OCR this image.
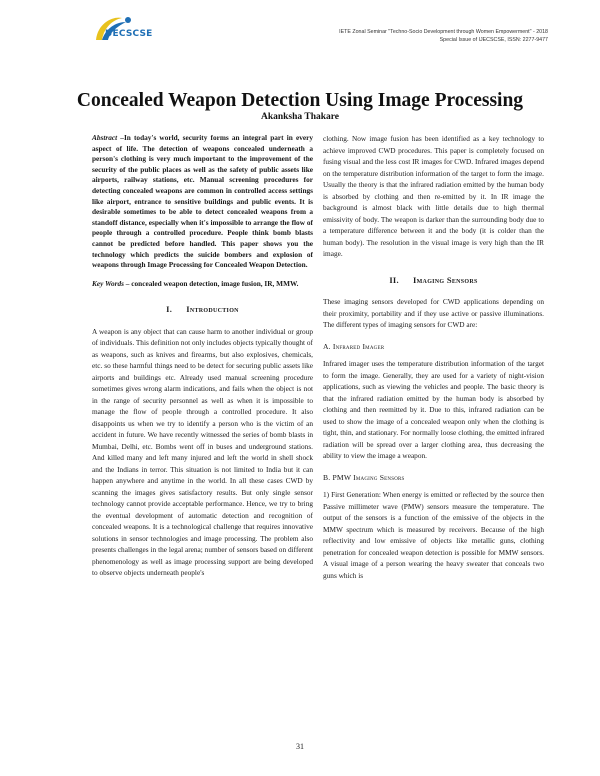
UECSCSE	IETE Zonal Seminar "Techno-Socio Development through Women Empowerment" - 2018
Special Issue of IJECSCSE, ISSN: 2277-9477
Concealed Weapon Detection Using Image Processing
Akanksha Thakare

Abstract –In today's world, security forms an integral part in every aspect of life. The detection of weapons concealed underneath a person's clothing is very much important to the improvement of the security of the public places as well as the safety of public assets like airports, railway stations, etc. Manual screening procedures for detecting concealed weapons are common in controlled access settings like airport, entrance to sensitive buildings and public events. It is desirable sometimes to be able to detect concealed weapons from a standoff distance, especially when it's impossible to arrange the flow of people through a controlled procedure. People think bomb blasts cannot be predicted before handled. This paper shows you the technology which predicts the suicide bombers and explosion of weapons through Image Processing for Concealed Weapon Detection.

Key Words – concealed weapon detection, image fusion, IR, MMW.

I. Introduction

A weapon is any object that can cause harm to another individual or group of individuals. This definition not only includes objects typically thought of as weapons, such as knives and firearms, but also explosives, chemicals, etc. so these harmful things need to be detect for securing public assets like airports and buildings etc. Already used manual screening procedure sometimes gives wrong alarm indications, and fails when the object is not in the range of security personnel as well as when it is impossible to manage the flow of people through a controlled procedure. It also disappoints us when we try to identify a person who is the victim of an accident in future. We have recently witnessed the series of bomb blasts in Mumbai, Delhi, etc. Bombs went off in buses and underground stations. And killed many and left many injured and left the world in shell shock and the Indians in terror. This situation is not limited to India but it can happen anywhere and anytime in the world. In all these cases CWD by scanning the images gives satisfactory results. But only single sensor technology cannot provide acceptable performance. Hence, we try to bring the eventual development of automatic detection and recognition of concealed weapons. It is a technological challenge that requires innovative solutions in sensor technologies and image processing. The problem also presents challenges in the legal arena; number of sensors based on different phenomenology as well as image processing support are being developed to observe objects underneath people's

clothing. Now image fusion has been identified as a key technology to achieve improved CWD procedures. This paper is completely focused on fusing visual and the less cost IR images for CWD. Infrared images depend on the temperature distribution information of the target to form the image. Usually the theory is that the infrared radiation emitted by the human body is absorbed by clothing and then re-emitted by it. In IR image the background is almost black with little details due to high thermal emissivity of body. The weapon is darker than the surrounding body due to a temperature difference between it and the body (it is colder than the human body). The resolution in the visual image is very high than the IR image.

II. Imaging Sensors

These imaging sensors developed for CWD applications depending on their proximity, portability and if they use active or passive illuminations. The different types of imaging sensors for CWD are:

A. Infrared Imager

Infrared imager uses the temperature distribution information of the target to form the image. Generally, they are used for a variety of night-vision applications, such as viewing the vehicles and people. The basic theory is that the infrared radiation emitted by the human body is absorbed by clothing and then reemitted by it. Due to this, infrared radiation can be used to show the image of a concealed weapon only when the clothing is tight, thin, and stationary. For normally loose clothing, the emitted infrared radiation will be spread over a larger clothing area, thus decreasing the ability to view the image a weapon.

B. PMW Imaging Sensors

1) First Generation: When energy is emitted or reflected by the source then Passive millimeter wave (PMW) sensors measure the temperature. The output of the sensors is a function of the emissive of the objects in the MMW spectrum which is measured by receivers. Because of the high reflectivity and low emissive of objects like metallic guns, clothing penetration for concealed weapon detection is possible for MMW sensors. A visual image of a person wearing the heavy sweater that conceals two guns which is

31
